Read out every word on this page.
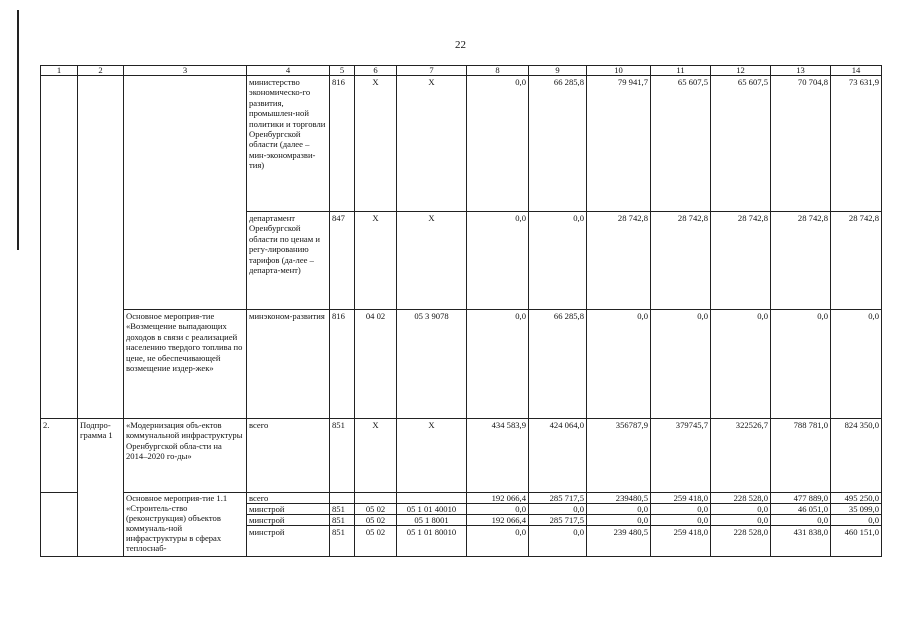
22
1	2	3	4	5	6	7	8	9	10	11	12	13	14
			министерство экономическо-го развития, промышлен-ной политики и торговли Оренбургской области (далее – мин-экономразви-тия)	816	Х	Х	0,0	66 285,8	79 941,7	65 607,5	65 607,5	70 704,8	73 631,9
			департамент Оренбургской области по ценам и регу-лированию тарифов (да-лее – департа-мент)	847	Х	Х	0,0	0,0	28 742,8	28 742,8	28 742,8	28 742,8	28 742,8
		Основное мероприя-тие «Возмещение выпадающих доходов в связи с реализацией населению твердого топлива по цене, не обеспечивающей возмещение издер-жек»	минэконом-развития	816	04 02	05 3 9078	0,0	66 285,8	0,0	0,0	0,0	0,0	0,0
2.	Подпро-грамма 1	«Модернизация объ-ектов коммунальной инфраструктуры Оренбургской обла-сти на 2014–2020 го-ды»	всего	851	Х	Х	434 583,9	424 064,0	356787,9	379745,7	322526,7	788 781,0	824 350,0
		Основное мероприя-тие 1.1 «Строитель-ство (реконструкция) объектов коммуналь-ной инфраструктуры в сферах теплоснаб-	всего				192 066,4	285 717,5	239480,5	259 418,0	228 528,0	477 889,0	495 250,0
			минстрой	851	05 02	05 1 01 40010	0,0	0,0	0,0	0,0	0,0	46 051,0	35 099,0
			минстрой	851	05 02	05 1 8001	192 066,4	285 717,5	0,0	0,0	0,0	0,0	0,0
			минстрой	851	05 02	05 1 01 80010	0,0	0,0	239 480,5	259 418,0	228 528,0	431 838,0	460 151,0
